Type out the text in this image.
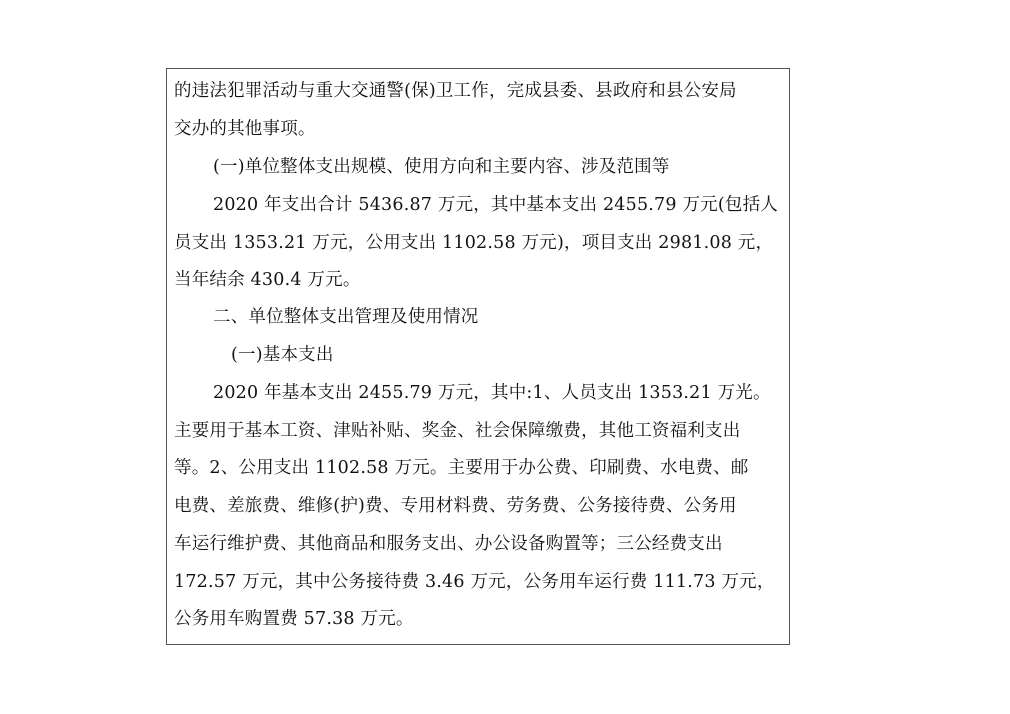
的违法犯罪活动与重大交通警(保)卫工作，完成县委、县政府和县公安局
交办的其他事项。
(一)单位整体支出规模、使用方向和主要内容、涉及范围等
2020 年支出合计 5436.87 万元，其中基本支出 2455.79 万元(包括人
员支出 1353.21 万元，公用支出 1102.58 万元)，项目支出 2981.08 元，
当年结余 430.4 万元。
二、单位整体支出管理及使用情况
(一)基本支出
2020 年基本支出 2455.79 万元，其中:1、人员支出 1353.21 万光。
主要用于基本工资、津贴补贴、奖金、社会保障缴费，其他工资福利支出
等。2、公用支出 1102.58 万元。主要用于办公费、印刷费、水电费、邮
电费、差旅费、维修(护)费、专用材料费、劳务费、公务接待费、公务用
车运行维护费、其他商品和服务支出、办公设备购置等；三公经费支出
172.57 万元，其中公务接待费 3.46 万元，公务用车运行费 111.73 万元，
公务用车购置费 57.38 万元。
